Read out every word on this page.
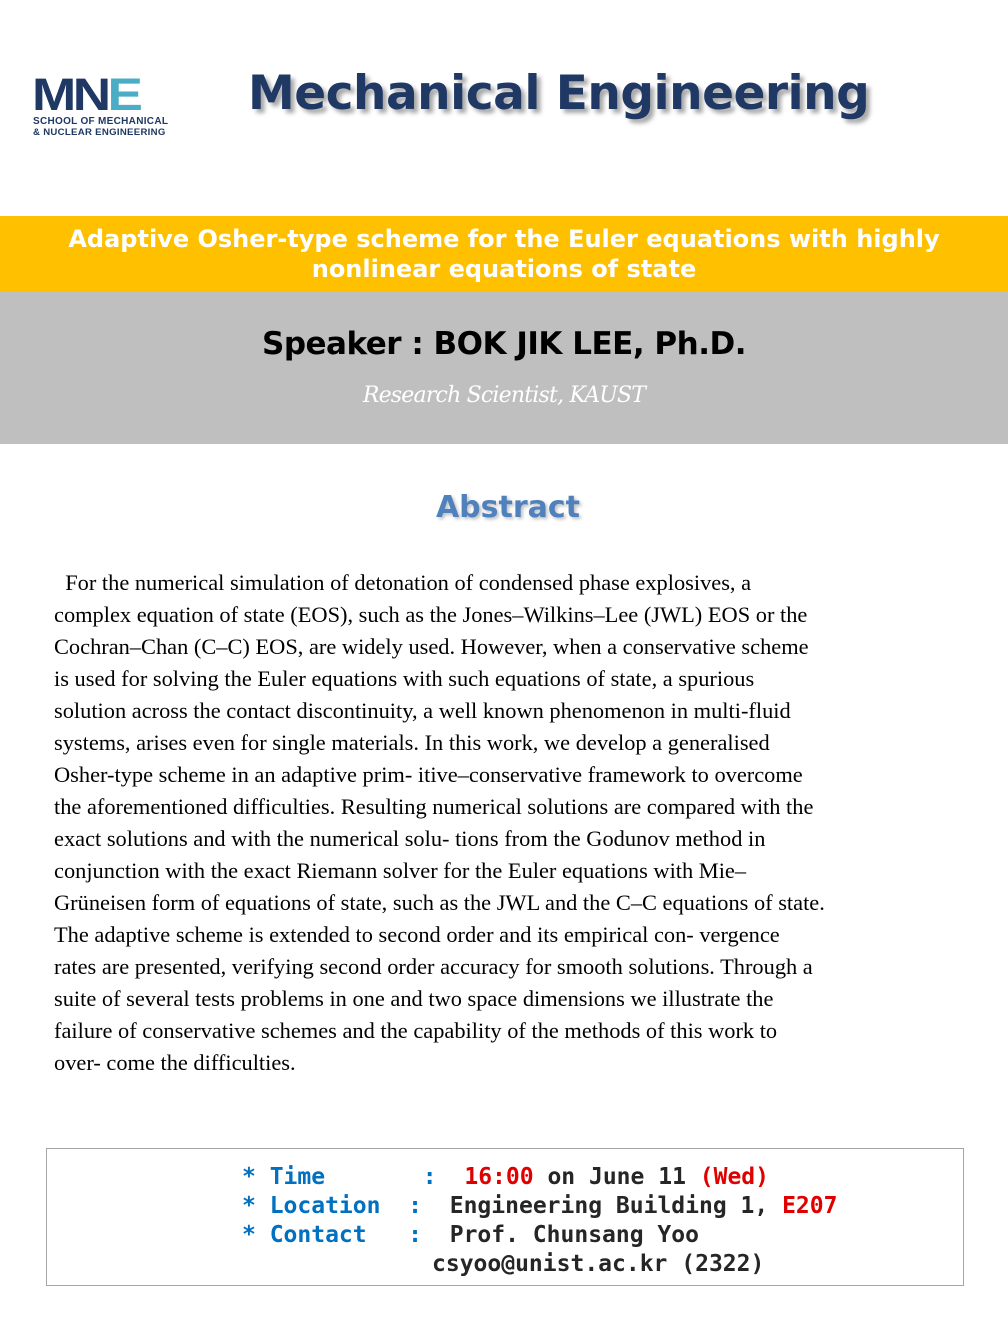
MNE
SCHOOL OF MECHANICAL
& NUCLEAR ENGINEERING
Mechanical Engineering
Adaptive Osher-type scheme for the Euler equations with highly nonlinear equations of state
Speaker : BOK JIK LEE, Ph.D.
Research Scientist, KAUST
Abstract
For the numerical simulation of detonation of condensed phase explosives, a
complex equation of state (EOS), such as the Jones–Wilkins–Lee (JWL) EOS or the
Cochran–Chan (C–C) EOS, are widely used. However, when a conservative scheme
is used for solving the Euler equations with such equations of state, a spurious
solution across the contact discontinuity, a well known phenomenon in multi-fluid
systems, arises even for single materials. In this work, we develop a generalised
Osher-type scheme in an adaptive prim- itive–conservative framework to overcome
the aforementioned difficulties. Resulting numerical solutions are compared with the
exact solutions and with the numerical solu- tions from the Godunov method in
conjunction with the exact Riemann solver for the Euler equations with Mie–
Grüneisen form of equations of state, such as the JWL and the C–C equations of state.
The adaptive scheme is extended to second order and its empirical con- vergence
rates are presented, verifying second order accuracy for smooth solutions. Through a
suite of several tests problems in one and two space dimensions we illustrate the
failure of conservative schemes and the capability of the methods of this work to
over- come the difficulties.
* Time	:  16:00 on June 11 (Wed)
* Location  :  Engineering Building 1, E207
* Contact   :  Prof. Chunsang Yoo
csyoo@unist.ac.kr (2322)
